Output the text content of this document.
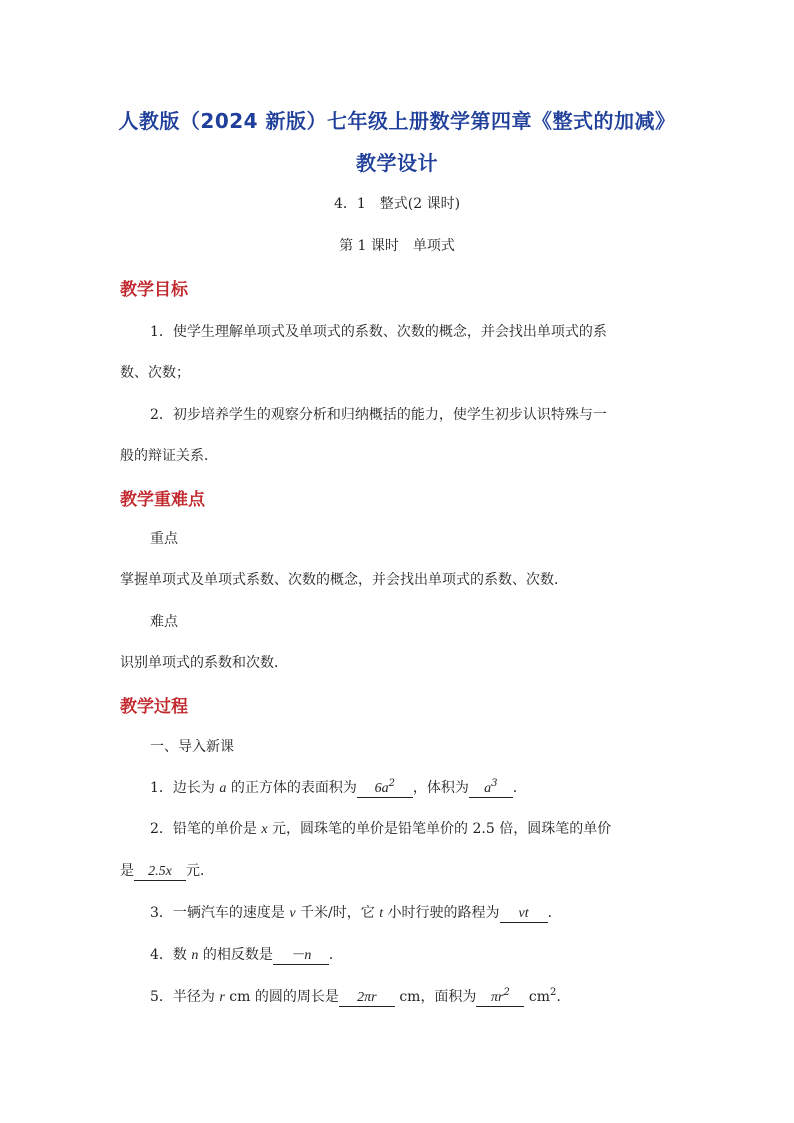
人教版（2024 新版）七年级上册数学第四章《整式的加减》
教学设计
4．1　整式(2 课时)
第 1 课时　单项式
教学目标
1．使学生理解单项式及单项式的系数、次数的概念，并会找出单项式的系
数、次数；
2．初步培养学生的观察分析和归纳概括的能力，使学生初步认识特殊与一
般的辩证关系．
教学重难点
重点
掌握单项式及单项式系数、次数的概念，并会找出单项式的系数、次数．
难点
识别单项式的系数和次数．
教学过程
一、导入新课
1．边长为 a 的正方体的表面积为 $6a^2$ ，体积为 $a^3$ ．
2．铅笔的单价是 x 元，圆珠笔的单价是铅笔单价的 2.5 倍，圆珠笔的单价
是 2.5x 元．
3．一辆汽车的速度是 v 千米/时，它 t 小时行驶的路程为 vt ．
4．数 n 的相反数是 －n ．
5．半径为 r cm 的圆的周长是 2πr cm，面积为 $\pi r^2$ $cm^2$.
